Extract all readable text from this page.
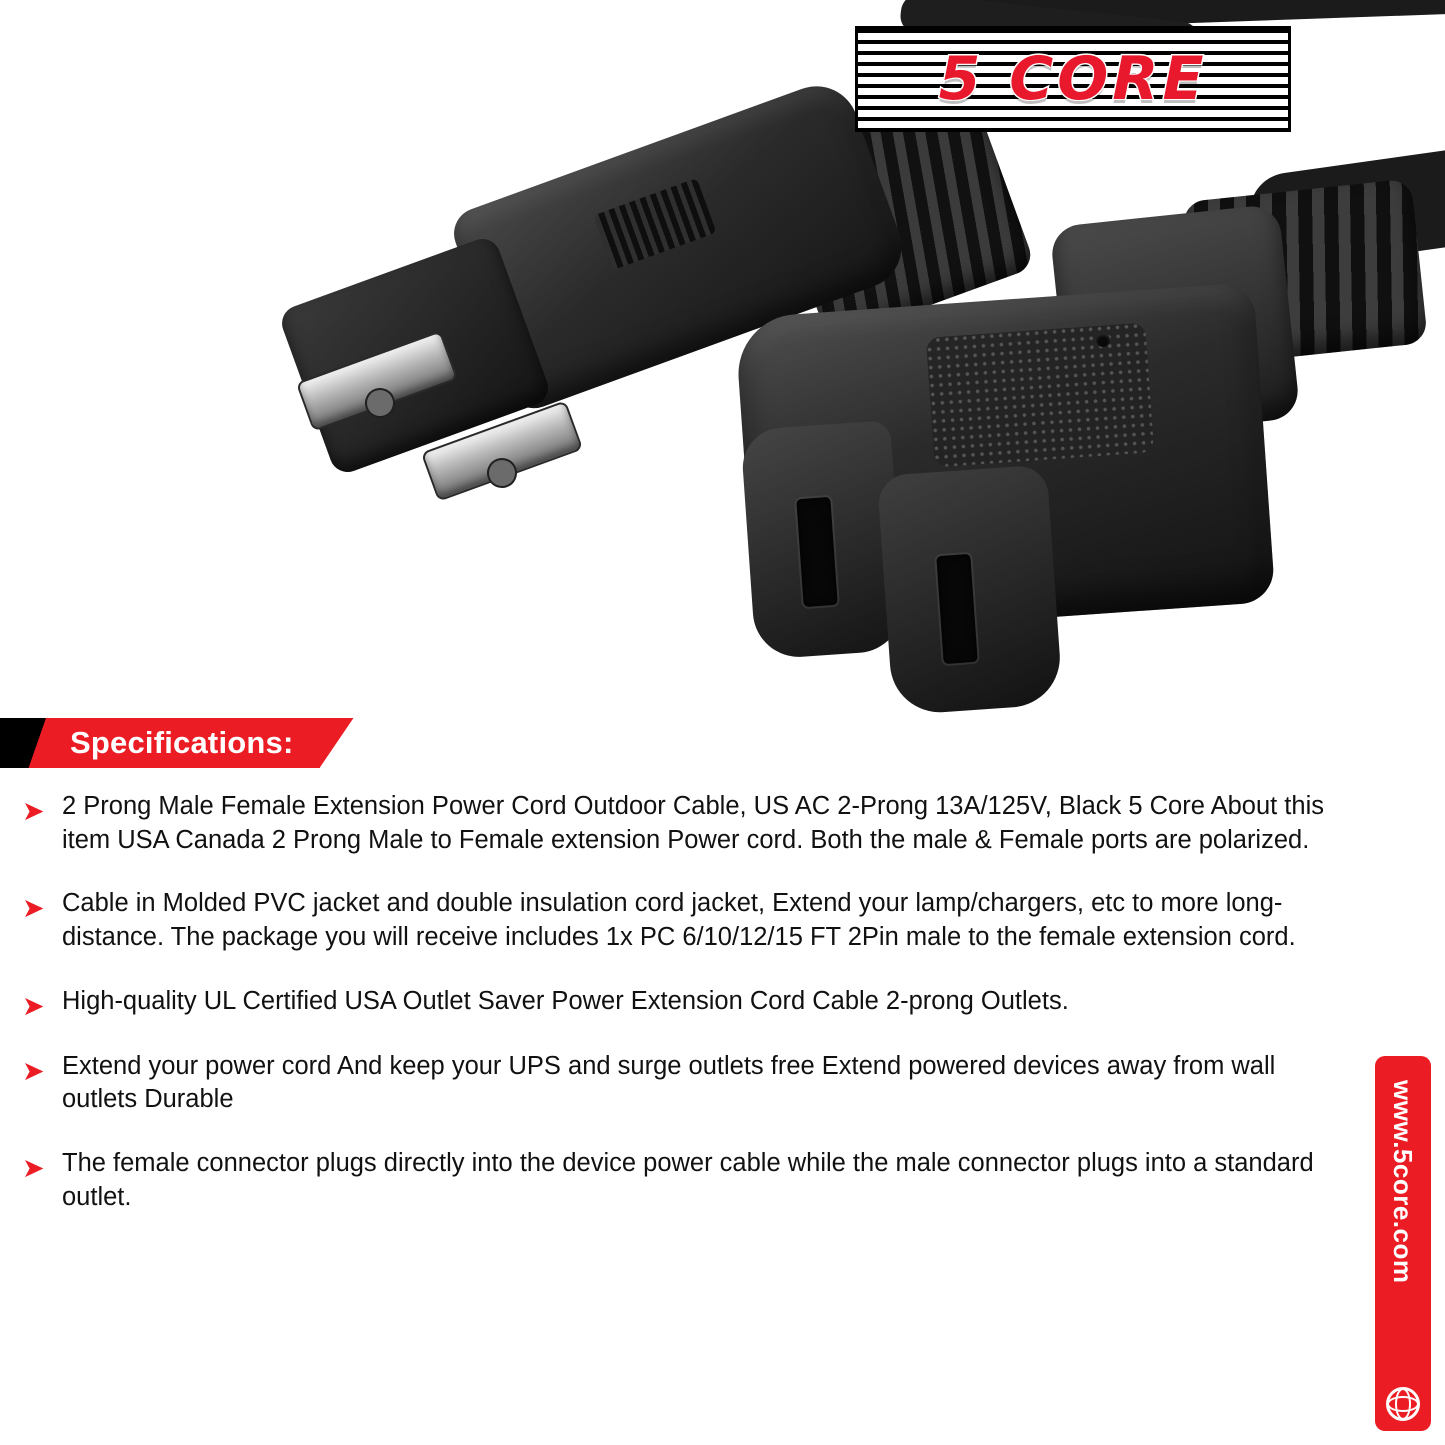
5 CORE
Specifications:
➤ 2 Prong Male Female Extension Power Cord Outdoor Cable, US AC 2-Prong 13A/125V, Black 5 Core About this item USA Canada 2 Prong Male to Female extension Power cord. Both the male & Female ports are polarized.
➤ Cable in Molded PVC jacket and double insulation cord jacket, Extend your lamp/chargers, etc to more long-distance. The package you will receive includes 1x PC 6/10/12/15 FT 2Pin male to the female extension cord.
➤ High-quality UL Certified USA Outlet Saver Power Extension Cord Cable 2-prong Outlets.
➤ Extend your power cord And keep your UPS and surge outlets free Extend powered devices away from wall outlets Durable
➤ The female connector plugs directly into the device power cable while the male connector plugs into a standard outlet.	www.5core.com
